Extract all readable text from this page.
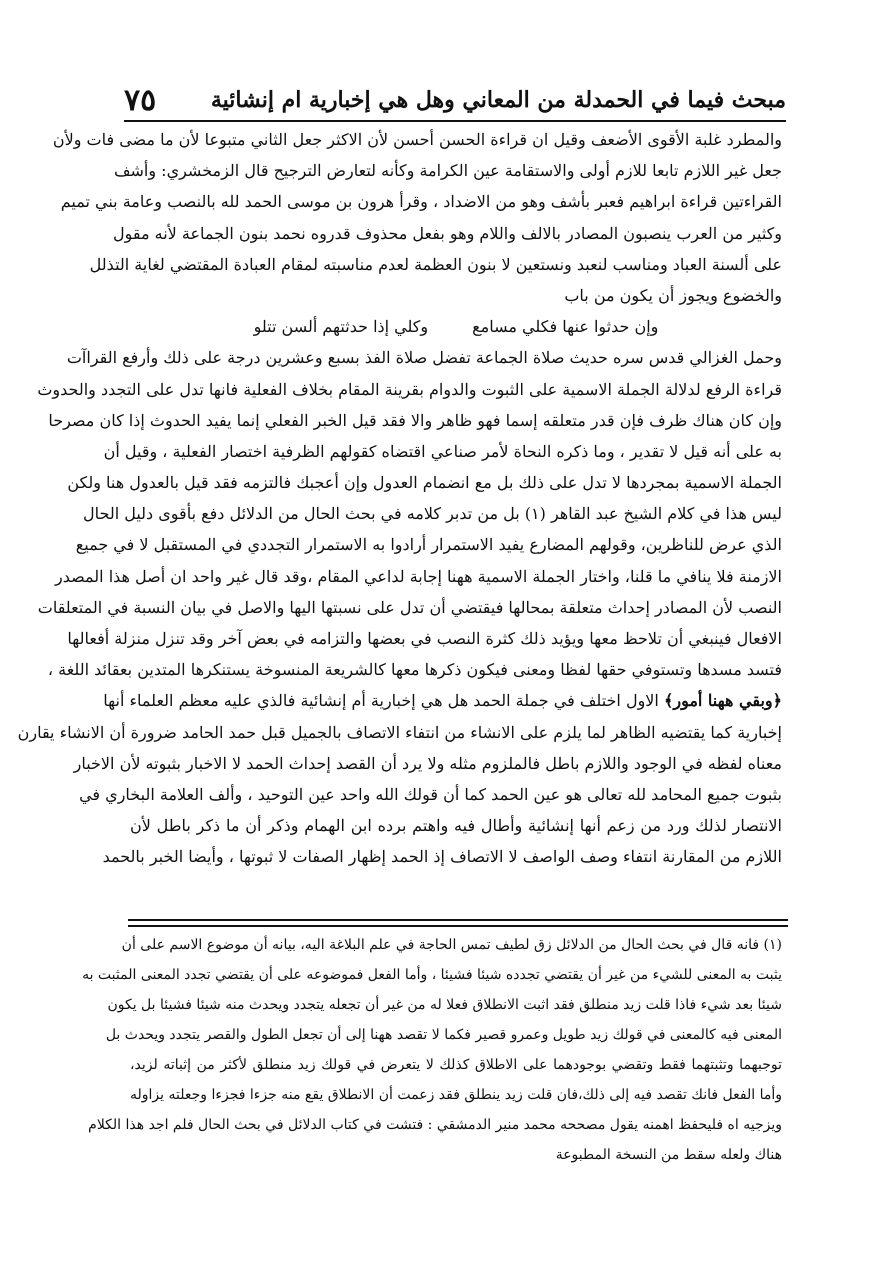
مبحث فيما في الحمدلة من المعاني وهل هي إخبارية ام إنشائية
٧٥
والمطرد غلبة الأقوى الأضعف وقيل ان قراءة الحسن أحسن لأن الاكثر جعل الثاني متبوعا لأن ما مضى فات ولأن
جعل غير اللازم تابعا للازم أولى والاستقامة عين الكرامة وكأنه لتعارض الترجيح قال الزمخشري: وأشف
القراءتين قراءة ابراهيم فعبر بأشف وهو من الاضداد ، وقرأ هرون بن موسى الحمد لله بالنصب وعامة بني تميم
وكثير من العرب ينصبون المصادر بالالف واللام وهو بفعل محذوف قدروه نحمد بنون الجماعة لأنه مقول
على ألسنة العباد ومناسب لنعبد ونستعين لا بنون العظمة لعدم مناسبته لمقام العبادة المقتضي لغاية التذلل
والخضوع ويجوز أن يكون من باب
وإن حدثوا عنها فكلي مسامع
وكلي إذا حدثتهم ألسن تتلو
وحمل الغزالي قدس سره حديث صلاة الجماعة تفضل صلاة الفذ بسبع وعشرين درجة على ذلك وأرفع القراآت
قراءة الرفع لدلالة الجملة الاسمية على الثبوت والدوام بقرينة المقام بخلاف الفعلية فانها تدل على التجدد والحدوث
وإن كان هناك ظرف فإن قدر متعلقه إسما فهو ظاهر والا فقد قيل الخبر الفعلي إنما يفيد الحدوث إذا كان مصرحا
به على أنه قيل لا تقدير ، وما ذكره النحاة لأمر صناعي اقتضاه كقولهم الظرفية اختصار الفعلية ، وقيل أن
الجملة الاسمية بمجردها لا تدل على ذلك بل مع انضمام العدول وإن أعجبك فالتزمه فقد قيل بالعدول هنا ولكن
ليس هذا في كلام الشيخ عبد القاهر (١) بل من تدبر كلامه في بحث الحال من الدلائل دفع بأقوى دليل الحال
الذي عرض للناظرين، وقولهم المضارع يفيد الاستمرار أرادوا به الاستمرار التجددي في المستقبل لا في جميع
الازمنة فلا ينافي ما قلنا، واختار الجملة الاسمية ههنا إجابة لداعي المقام ،وقد قال غير واحد ان أصل هذا المصدر
النصب لأن المصادر إحداث متعلقة بمحالها فيقتضي أن تدل على نسبتها اليها والاصل في بيان النسبة في المتعلقات
الافعال فينبغي أن تلاحظ معها ويؤيد ذلك كثرة النصب في بعضها والتزامه في بعض آخر وقد تنزل منزلة أفعالها
فتسد مسدها وتستوفي حقها لفظا ومعنى فيكون ذكرها معها كالشريعة المنسوخة يستنكرها المتدين بعقائد اللغة ،
﴿وبقي ههنا أمور﴾ الاول اختلف في جملة الحمد هل هي إخبارية أم إنشائية فالذي عليه معظم العلماء أنها
إخبارية كما يقتضيه الظاهر لما يلزم على الانشاء من انتفاء الاتصاف بالجميل قبل حمد الحامد ضرورة أن الانشاء يقارن
معناه لفظه في الوجود واللازم باطل فالملزوم مثله ولا يرد أن القصد إحداث الحمد لا الاخبار بثبوته لأن الاخبار
بثبوت جميع المحامد لله تعالى هو عين الحمد كما أن قولك الله واحد عين التوحيد ، وألف العلامة البخاري في
الانتصار لذلك ورد من زعم أنها إنشائية وأطال فيه واهتم برده ابن الهمام وذكر أن ما ذكر باطل لأن
اللازم من المقارنة انتفاء وصف الواصف لا الاتصاف إذ الحمد إظهار الصفات لا ثبوتها ، وأيضا الخبر بالحمد
(١) فانه قال في بحث الحال من الدلائل زق لطيف تمس الحاجة في علم البلاغة اليه، بيانه أن موضوع الاسم على أن
يثبت به المعنى للشيء من غير أن يقتضي تجدده شيئا فشيئا ، وأما الفعل فموضوعه على أن يقتضي تجدد المعنى المثبت به
شيئا بعد شيء فاذا قلت زيد منطلق فقد اثبت الانطلاق فعلا له من غير أن تجعله يتجدد ويحدث منه شيئا فشيئا بل يكون
المعنى فيه كالمعنى في قولك زيد طويل وعمرو قصير فكما لا تقصد ههنا إلى أن تجعل الطول والقصر يتجدد ويحدث بل
توجبهما وتثبتهما فقط وتقضي بوجودهما على الاطلاق كذلك لا يتعرض في قولك زيد منطلق لأكثر من إثباته لزيد،
وأما الفعل فانك تقصد فيه إلى ذلك،فان قلت زيد ينطلق فقد زعمت أن الانطلاق يقع منه جزءا فجزءا وجعلته يزاوله
ويزجيه اه فليحفظ اهمنه يقول مصححه محمد منير الدمشقي : فتشت في كتاب الدلائل في بحث الحال فلم اجد هذا الكلام
هناك ولعله سقط من النسخة المطبوعة
